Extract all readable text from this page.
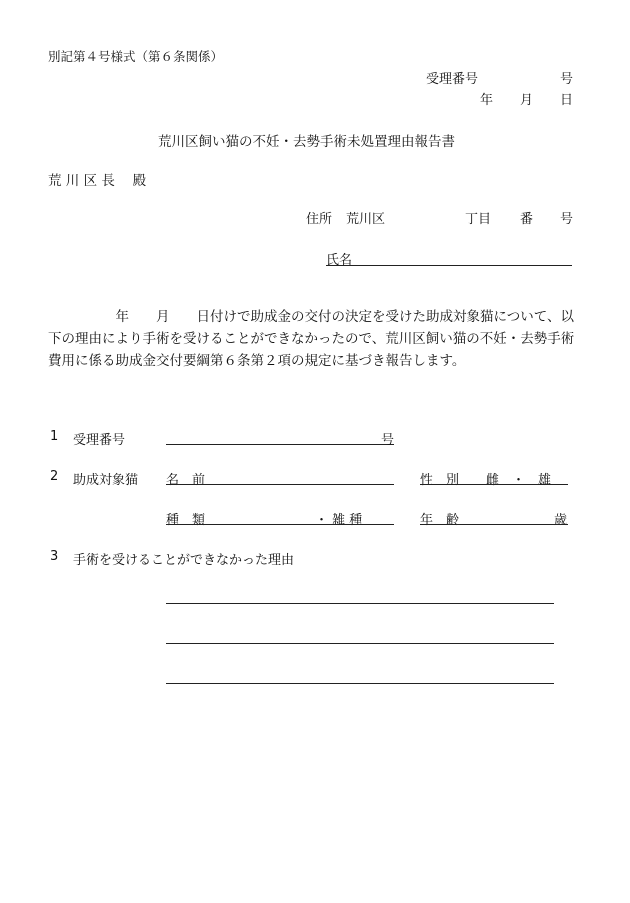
別記第４号様式（第６条関係）
受理番号	号
年 月 日
荒川区飼い猫の不妊・去勢手術未処置理由報告書
荒 川 区 長　 殿
住所 荒川区	丁目 番 号
氏名
　　　　　年　　月　　日付けで助成金の交付の決定を受けた助成対象猫について、以下の理由により手術を受けることができなかったので、荒川区飼い猫の不妊・去勢手術費用に係る助成金交付要綱第６条第２項の規定に基づき報告します。
1 受理番号	号
2 助成対象猫 名　前	性　別 雌　・　雄
種　類	・ 雑 種	年　齢	歳
3 手術を受けることができなかった理由
